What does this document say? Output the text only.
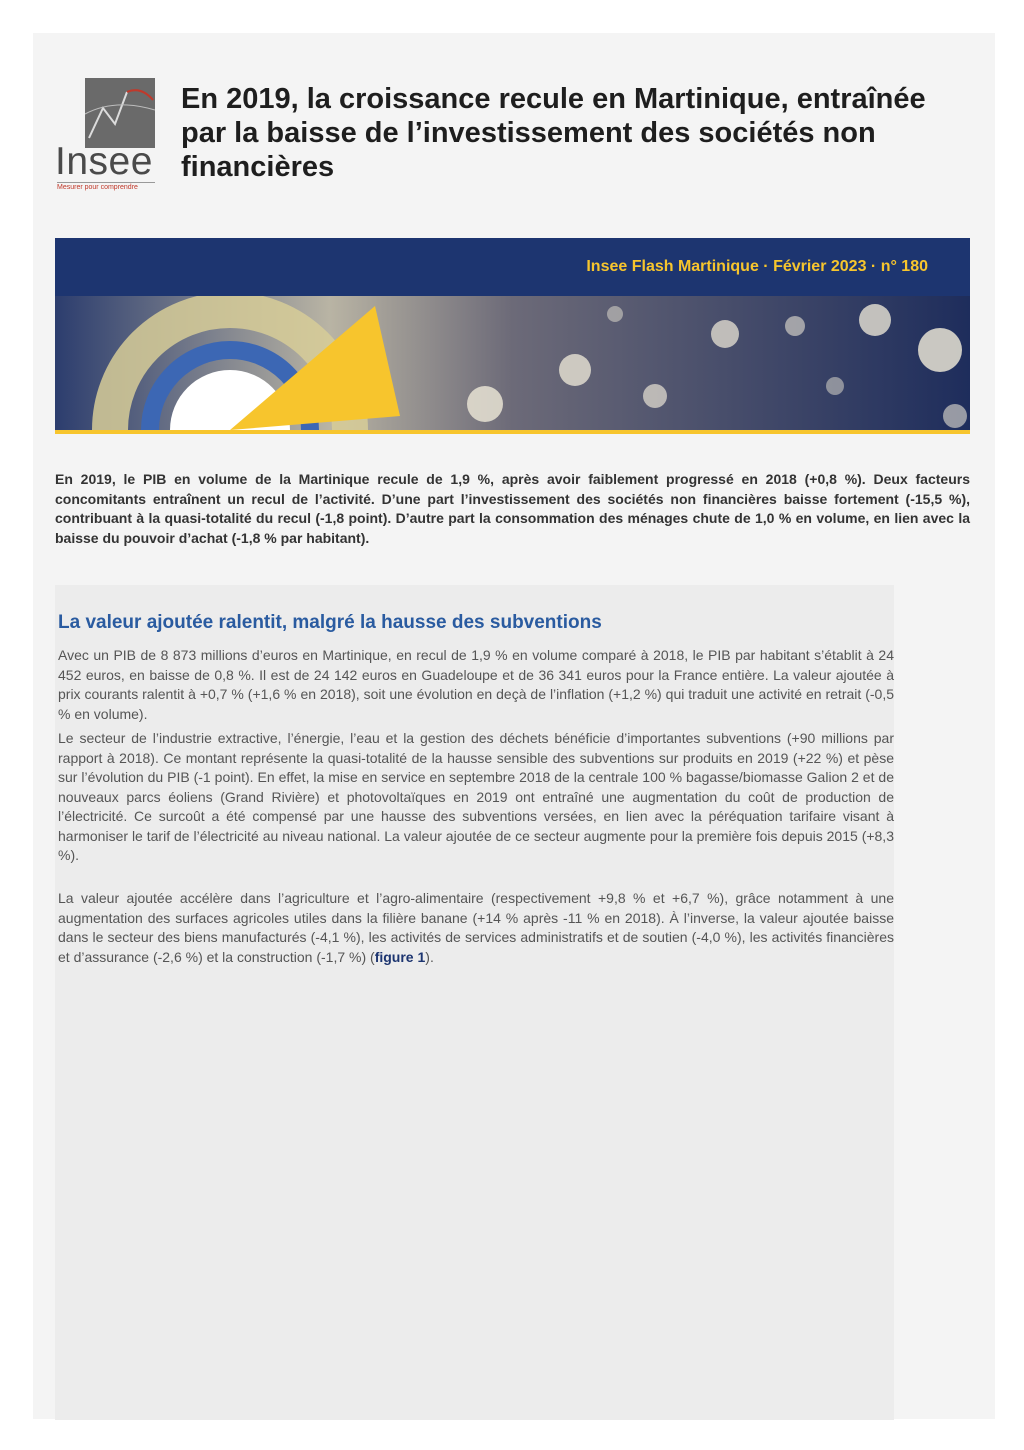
Insee
Mesurer pour comprendre
En 2019, la croissance recule en Martinique, entraînée par la baisse de l’investissement des sociétés non financières
Insee Flash Martinique · Février 2023 · n° 180

En 2019, le PIB en volume de la Martinique recule de 1,9 %, après avoir faiblement progressé en 2018 (+0,8 %). Deux facteurs concomitants entraînent un recul de l’activité. D’une part l’investissement des sociétés non financières baisse fortement (-15,5 %), contribuant à la quasi-totalité du recul (-1,8 point). D’autre part la consommation des ménages chute de 1,0 % en volume, en lien avec la baisse du pouvoir d’achat (-1,8 % par habitant).

La valeur ajoutée ralentit, malgré la hausse des subventions

Avec un PIB de 8 873 millions d’euros en Martinique, en recul de 1,9 % en volume comparé à 2018, le PIB par habitant s’établit à 24 452 euros, en baisse de 0,8 %. Il est de 24 142 euros en Guadeloupe et de 36 341 euros pour la France entière. La valeur ajoutée à prix courants ralentit à +0,7 % (+1,6 % en 2018), soit une évolution en deçà de l’inflation (+1,2 %) qui traduit une activité en retrait (-0,5 % en volume).

Le secteur de l’industrie extractive, l’énergie, l’eau et la gestion des déchets bénéficie d’importantes subventions (+90 millions par rapport à 2018). Ce montant représente la quasi-totalité de la hausse sensible des subventions sur produits en 2019 (+22 %) et pèse sur l’évolution du PIB (-1 point). En effet, la mise en service en septembre 2018 de la centrale 100 % bagasse/biomasse Galion 2 et de nouveaux parcs éoliens (Grand Rivière) et photovoltaïques en 2019 ont entraîné une augmentation du coût de production de l’électricité. Ce surcoût a été compensé par une hausse des subventions versées, en lien avec la péréquation tarifaire visant à harmoniser le tarif de l’électricité au niveau national. La valeur ajoutée de ce secteur augmente pour la première fois depuis 2015 (+8,3 %).

La valeur ajoutée accélère dans l’agriculture et l’agro-alimentaire (respectivement +9,8 % et +6,7 %), grâce notamment à une augmentation des surfaces agricoles utiles dans la filière banane (+14 % après -11 % en 2018). À l’inverse, la valeur ajoutée baisse dans le secteur des biens manufacturés (-4,1 %), les activités de services administratifs et de soutien (-4,0 %), les activités financières et d’assurance (-2,6 %) et la construction (-1,7 %) (figure 1).
